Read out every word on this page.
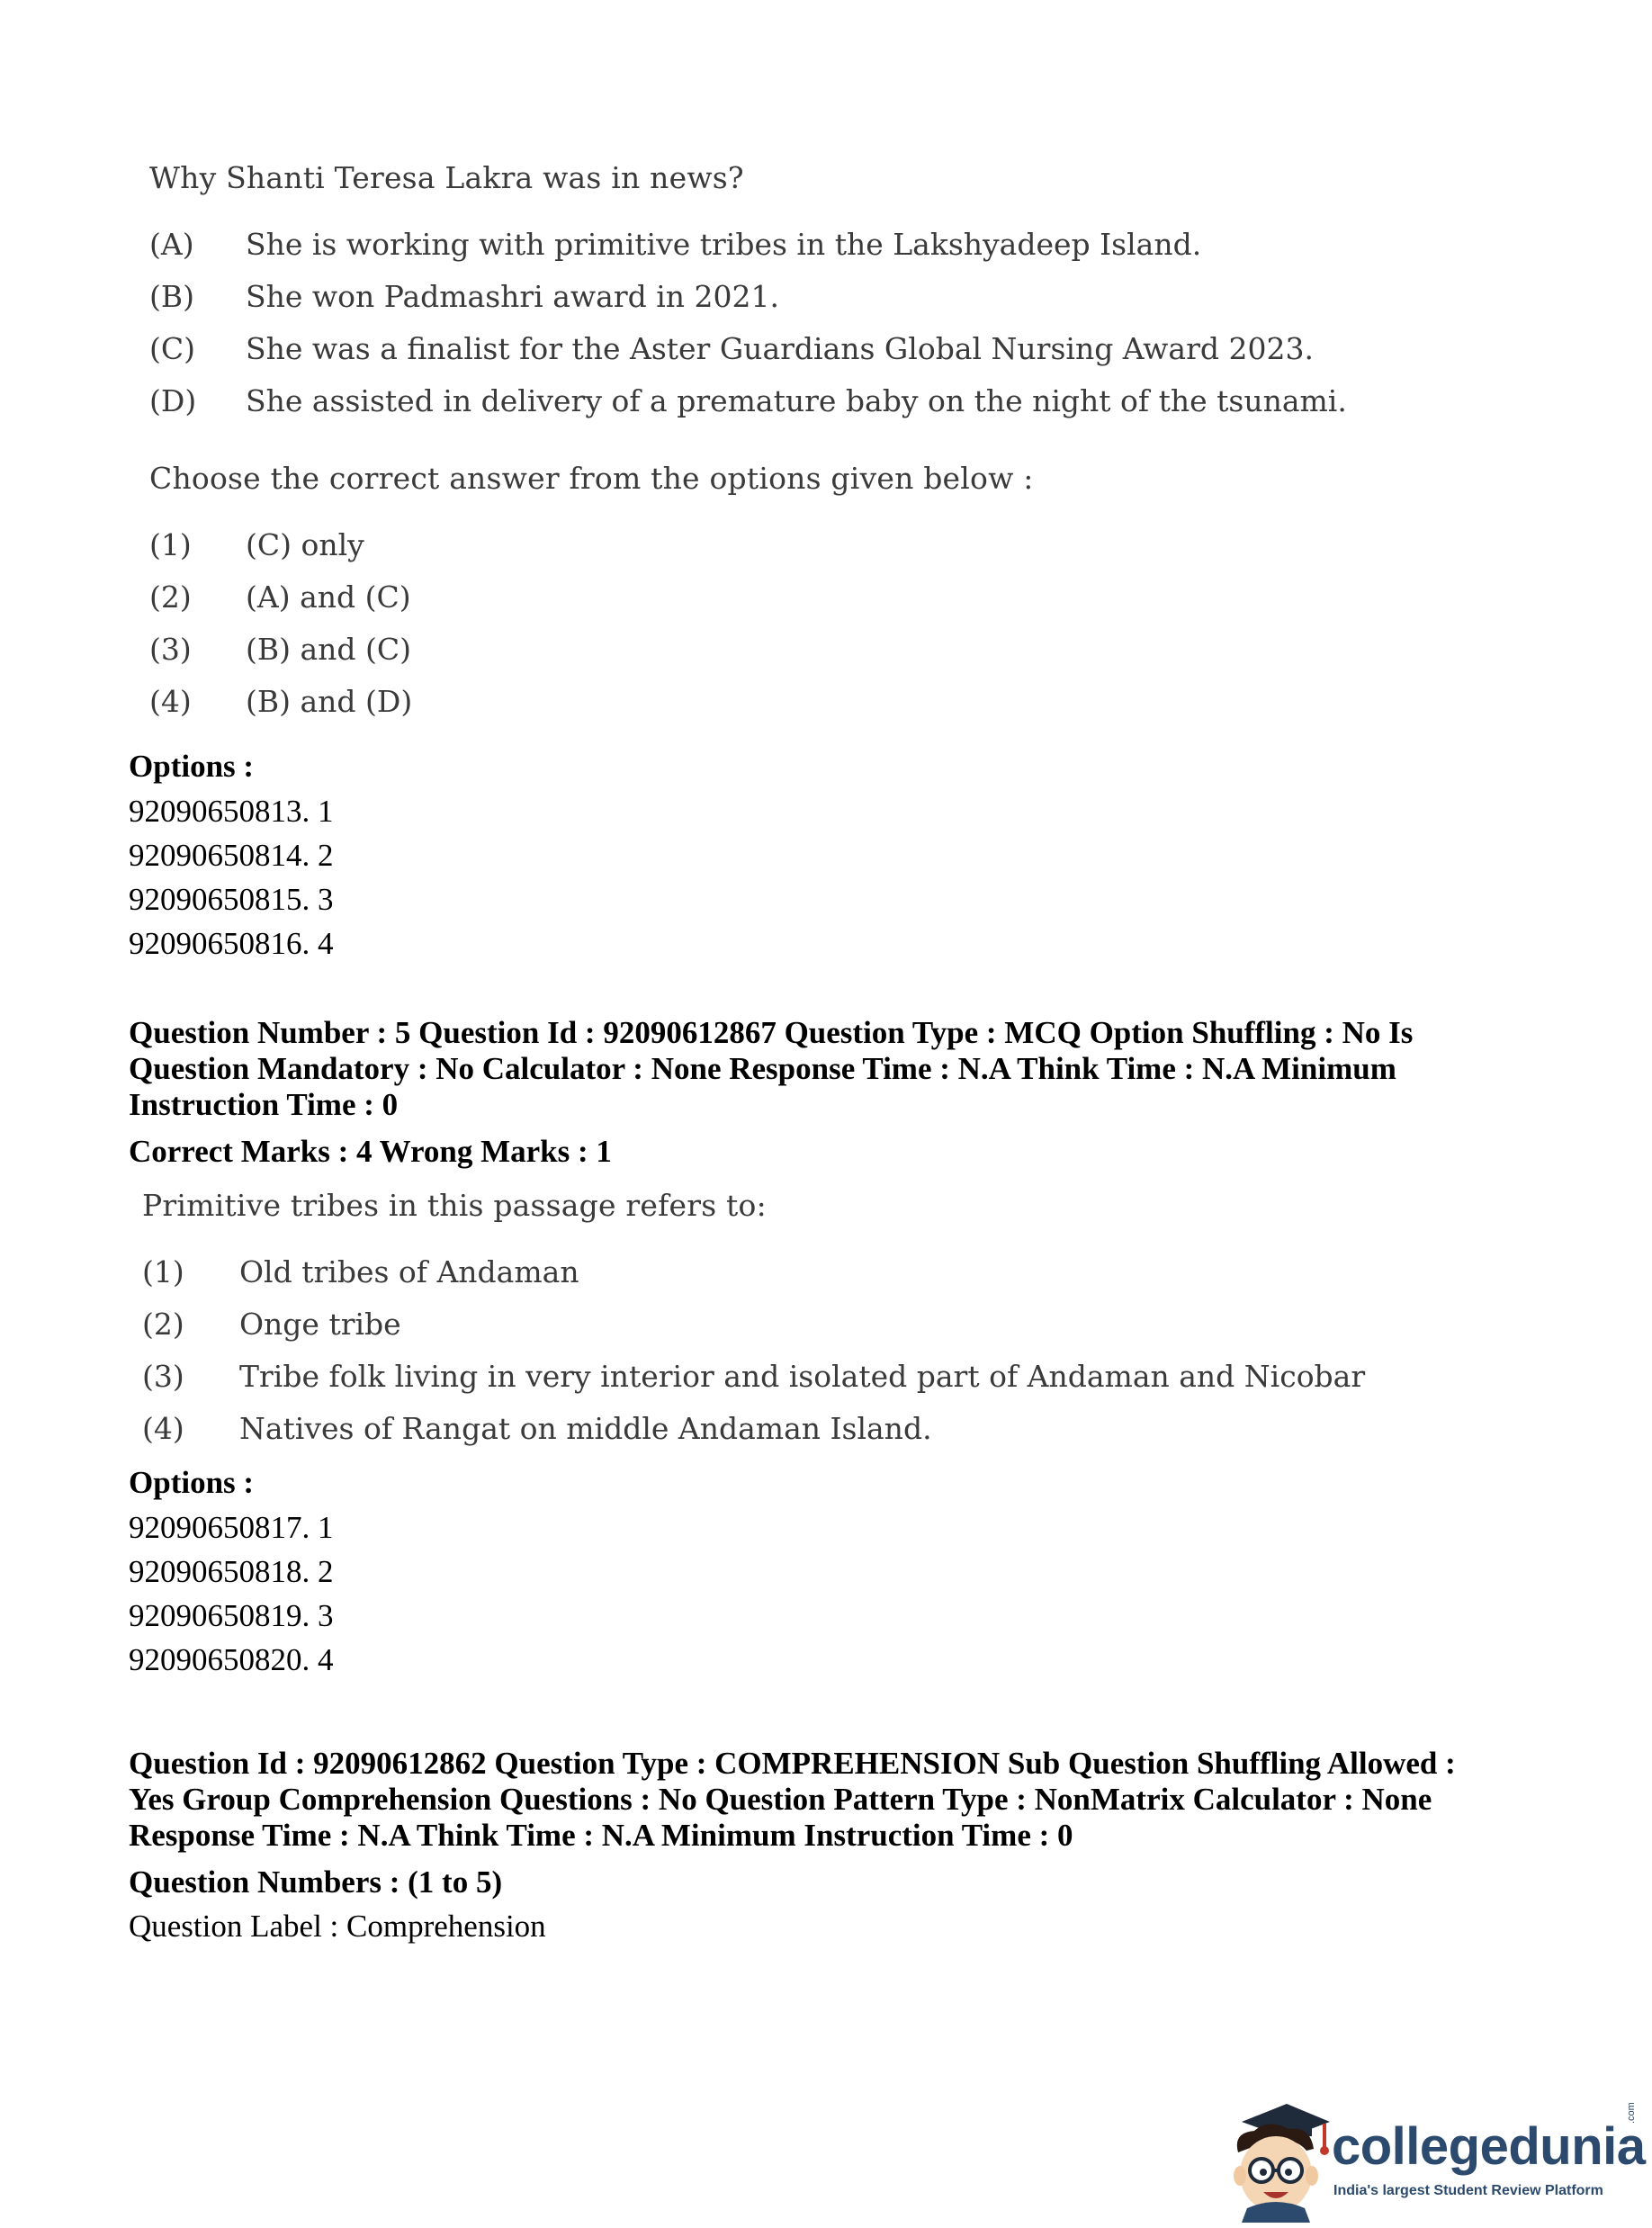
Why Shanti Teresa Lakra was in news?
(A) She is working with primitive tribes in the Lakshyadeep Island.
(B) She won Padmashri award in 2021.
(C) She was a finalist for the Aster Guardians Global Nursing Award 2023.
(D) She assisted in delivery of a premature baby on the night of the tsunami.
Choose the correct answer from the options given below :
(1) (C) only
(2) (A) and (C)
(3) (B) and (C)
(4) (B) and (D)
Options :
92090650813. 1
92090650814. 2
92090650815. 3
92090650816. 4
Question Number : 5 Question Id : 92090612867 Question Type : MCQ Option Shuffling : No Is
Question Mandatory : No Calculator : None Response Time : N.A Think Time : N.A Minimum
Instruction Time : 0
Correct Marks : 4 Wrong Marks : 1
Primitive tribes in this passage refers to:
(1) Old tribes of Andaman
(2) Onge tribe
(3) Tribe folk living in very interior and isolated part of Andaman and Nicobar
(4) Natives of Rangat on middle Andaman Island.
Options :
92090650817. 1
92090650818. 2
92090650819. 3
92090650820. 4
Question Id : 92090612862 Question Type : COMPREHENSION Sub Question Shuffling Allowed :
Yes Group Comprehension Questions : No Question Pattern Type : NonMatrix Calculator : None
Response Time : N.A Think Time : N.A Minimum Instruction Time : 0
Question Numbers : (1 to 5)
Question Label : Comprehension
collegedunia
.com
India's largest Student Review Platform
